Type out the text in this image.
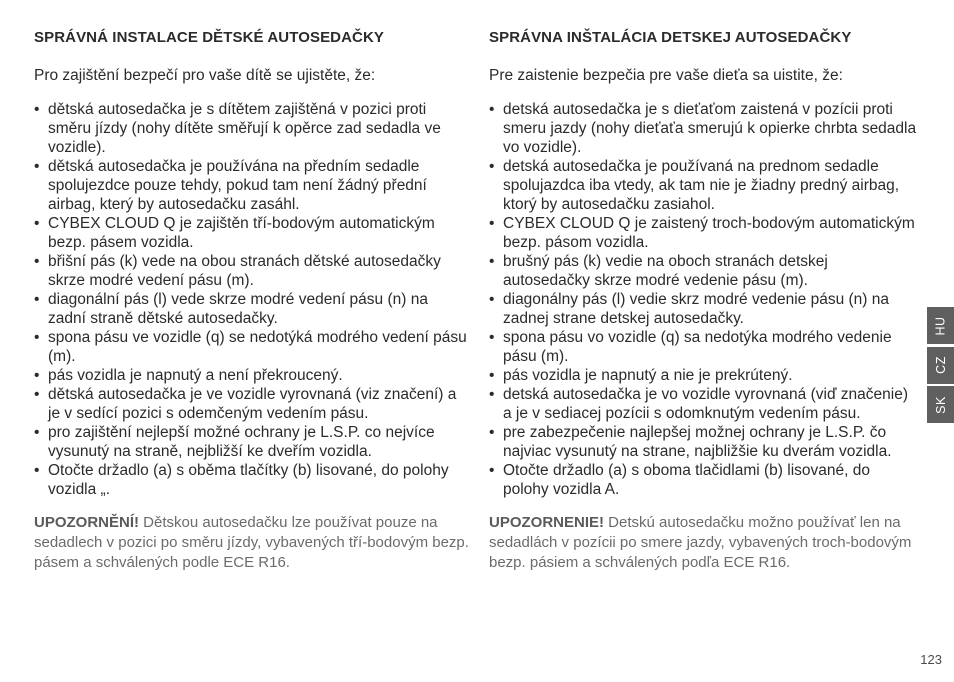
SPRÁVNÁ INSTALACE DĚTSKÉ AUTOSEDAČKY
Pro zajištění bezpečí pro vaše dítě se ujistěte, že:
• dětská autosedačka je s dítětem zajištěná v pozici proti směru jízdy (nohy dítěte směřují k opěrce zad sedadla ve vozidle).
• dětská autosedačka je používána na předním sedadle spolujezdce pouze tehdy, pokud tam není žádný přední airbag, který by autosedačku zasáhl.
• CYBEX CLOUD Q je zajištěn tří-bodovým automatickým bezp. pásem vozidla.
• břišní pás (k) vede na obou stranách dětské autosedačky skrze modré vedení pásu (m).
• diagonální pás (l) vede skrze modré vedení pásu (n) na zadní straně dětské autosedačky.
• spona pásu ve vozidle (q) se nedotýká modrého vedení pásu (m).
• pás vozidla je napnutý a není překroucený.
• dětská autosedačka je ve vozidle vyrovnaná (viz značení) a je v sedící pozici s odemčeným vedením pásu.
• pro zajištění nejlepší možné ochrany je L.S.P. co nejvíce vysunutý na straně, nejbližší ke dveřím vozidla.
• Otočte držadlo (a) s oběma tlačítky (b) lisované, do polohy vozidla „.
UPOZORNĚNÍ! Dětskou autosedačku lze používat pouze na sedadlech v pozici po směru jízdy, vybavených tří-bodovým bezp. pásem a schválených podle ECE R16.
SPRÁVNA INŠTALÁCIA DETSKEJ AUTOSEDAČKY
Pre zaistenie bezpečia pre vaše dieťa sa uistite, že:
• detská autosedačka je s dieťaťom zaistená v pozícii proti smeru jazdy (nohy dieťaťa smerujú k opierke chrbta sedadla vo vozidle).
• detská autosedačka je používaná na prednom sedadle spolujazdca iba vtedy, ak tam nie je žiadny predný airbag, ktorý by autosedačku zasiahol.
• CYBEX CLOUD Q je zaistený troch-bodovým automatickým bezp. pásom vozidla.
• brušný pás (k) vedie na oboch stranách detskej autosedačky skrze modré vedenie pásu (m).
• diagonálny pás (l) vedie skrz modré vedenie pásu (n) na zadnej strane detskej autosedačky.
• spona pásu vo vozidle (q) sa nedotýka modrého vedenie pásu (m).
• pás vozidla je napnutý a nie je prekrútený.
• detská autosedačka je vo vozidle vyrovnaná (viď značenie) a je v sediacej pozícii s odomknutým vedením pásu.
• pre zabezpečenie najlepšej možnej ochrany je L.S.P. čo najviac vysunutý na strane, najbližšie ku dverám vozidla.
• Otočte držadlo (a) s oboma tlačidlami (b) lisované, do polohy vozidla A.
UPOZORNENIE! Detskú autosedačku možno používať len na sedadlách v pozícii po smere jazdy, vybavených troch-bodovým bezp. pásiem a schválených podľa ECE R16.
HU
CZ
SK
123
